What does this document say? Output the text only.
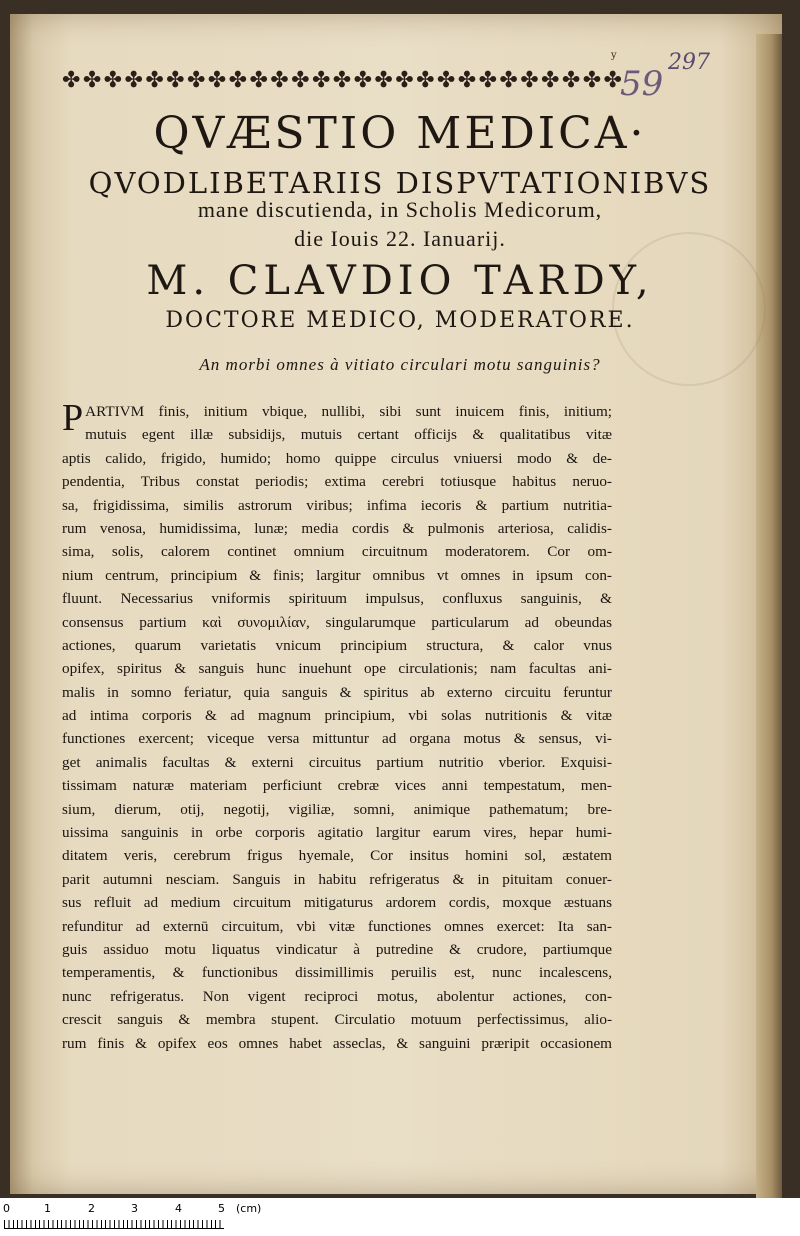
✤ ✤ ✤ ✤ ✤ ✤ ✤ ✤ ✤ ✤ ✤ ✤ ✤ ✤ ✤ ✤ ✤ ✤ ✤ ✤ ✤ ✤ ✤ ✤ ✤ ✤ ✤
y
59
297
QVÆSTIO MEDICA·
QVODLIBETARIIS DISPVTATIONIBVS
mane discutienda, in Scholis Medicorum,
die Iouis 22. Ianuarij.
M. CLAVDIO TARDY,
DOCTORE MEDICO, MODERATORE.
An morbi omnes à vitiato circulari motu sanguinis?
P ARTIVM finis, initium vbique, nullibi, sibi sunt inuicem finis, initium;
mutuis egent illæ subsidijs, mutuis certant officijs & qualitatibus vitæ
aptis calido, frigido, humido; homo quippe circulus vniuersi modo & de-
pendentia, Tribus constat periodis; extima cerebri totiusque habitus neruo-
sa, frigidissima, similis astrorum viribus; infima iecoris & partium nutritia-
rum venosa, humidissima, lunæ; media cordis & pulmonis arteriosa, calidis-
sima, solis, calorem continet omnium circuitnum moderatorem. Cor om-
nium centrum, principium & finis; largitur omnibus vt omnes in ipsum con-
fluunt. Necessarius vniformis spirituum impulsus, confluxus sanguinis, &
consensus partium καὶ συνομιλίαν, singularumque particularum ad obeundas
actiones, quarum varietatis vnicum principium structura, & calor vnus
opifex, spiritus & sanguis hunc inuehunt ope circulationis; nam facultas ani-
malis in somno feriatur, quia sanguis & spiritus ab externo circuitu feruntur
ad intima corporis & ad magnum principium, vbi solas nutritionis & vitæ
functiones exercent; viceque versa mittuntur ad organa motus & sensus, vi-
get animalis facultas & externi circuitus partium nutritio vberior. Exquisi-
tissimam naturæ materiam perficiunt crebræ vices anni tempestatum, men-
sium, dierum, otij, negotij, vigiliæ, somni, animique pathematum; bre-
uissima sanguinis in orbe corporis agitatio largitur earum vires, hepar humi-
ditatem veris, cerebrum frigus hyemale, Cor insitus homini sol, æstatem
parit autumni nesciam. Sanguis in habitu refrigeratus & in pituitam conuer-
sus refluit ad medium circuitum mitigaturus ardorem cordis, moxque æstuans
refunditur ad externū circuitum, vbi vitæ functiones omnes exercet: Ita san-
guis assiduo motu liquatus vindicatur à putredine & crudore, partiumque
temperamentis, & functionibus dissimillimis peruilis est, nunc incalescens,
nunc refrigeratus. Non vigent reciproci motus, abolentur actiones, con-
crescit sanguis & membra stupent. Circulatio motuum perfectissimus, alio-
rum finis & opifex eos omnes habet asseclas, & sanguini præripit occasionem
0	1	2	3	4	5 (cm)
